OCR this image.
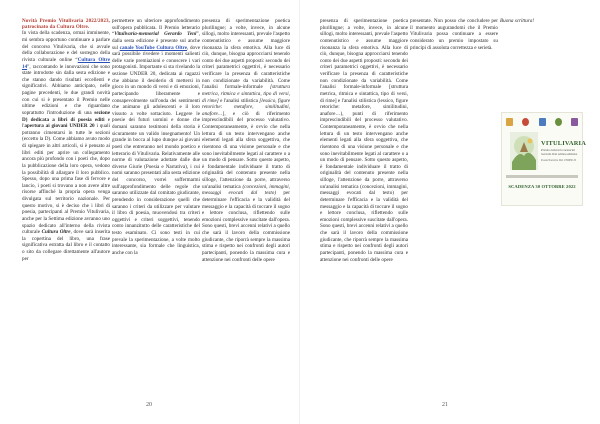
Novità Premio Vitulivaria 2022/2023, patrocinato da Cultura Oltre.

In vista della scadenza, ormai imminente, mi sembra opportuno continuare a parlare del concorso Vitulivaria, che si avvale della collaborazione e del sostegno della rivista culturale online “Cultura Oltre 14”, raccontando le innovazioni che sono state introdotte sin dalla sesta edizione e che stanno dando risultati eccellenti e significativi. Abbiamo anticipato, nelle pagine precedenti, le due grandi novità con cui si è presentato il Premio nelle ultime edizioni e che riguardano soprattutto l'introduzione di una sezione D) dedicata a libri di poesia editi e l'apertura ai giovani UNDER 20 i quali potranno cimentarsi in tutte le sezioni (eccetto la D). Come abbiamo avuto modo di spiegare in altri articoli, si è pensato ai libri editi per aprire un collegamento ancora più profondo con i poeti che, dopo la pubblicazione della loro opera, vedono la possibilità di allargare il loro pubblico. Spesso, dopo una prima fase di fervore e lancio, i poeti si trovano a non avere altre risorse affinché la propria opera venga divulgata sul territorio nazionale. Per questo motivo, si è deciso che i libri di poesia, partecipanti al Premio Vitulivaria, anche per la Settima edizione avranno uno spazio dedicato all'interno della rivista culturale Cultura Oltre, dove sarà inserita la copertina del libro, una frase significativa estratta dal libro e il contatto o sito da collegare direttamente all'autore per

permettere un ulteriore approfondimento sull'opera pubblicata. Il Premio letterario “Vitulivaria-memorial Gerardo Teni”, dalla sesta edizione è presente sul anche sul canale YouTube Cultura Oltre, dove sarà possibile rivedere i momenti salienti delle varie premiazioni e conoscere i vari protagonisti. Importante si sta rivelando la sezione UNDER 20, dedicata ai ragazzi che abbiano il desiderio di mettersi in gioco in un mondo di versi e di emozioni, partecipando liberamente e consapevolmente sull'onda dei sentimenti che animano gli adolescenti e il loro vissuto a volte sottaciuto. Leggere le poesie dei futuri uomini e donne che domani saranno testimoni della storia è sicuramente un valido insegnamento! Un grande in bocca al lupo dunque ai giovani poeti che entreranno nel mondo poetico e letterario di Vitulivaria. Relativamente alle norme di valutazione adottate dalle due diverse Giurie (Poesia e Narrativa), i cui nomi saranno presentati alla sesta edizione del concorso, vorrei soffermarmi sull'approfondimento delle regole che saranno utilizzate dal comitato giudicante, prendendo in considerazione quelli che saranno i criteri da utilizzare per valutare il libro di poesia, muovendosi tra criteri oggettivi e criteri soggettivi, tenendo conto innanzitutto delle caratteristiche del testo esaminato. Ci sono testi in cui prevale la sperimentazione, a volte molto interessante, sia formale che linguistica, anche con la

presenza di sperimentazione poetica plurilingue; a volte, invece, in alcune sillogi, molto interessanti, prevale l'aspetto contenutistico e assume maggiore risonanza la sfera emotiva. Alla luce di ciò, dunque, bisogna approcciarsi tenendo conto dei due aspetti proposti: secondo dei criteri parametrici oggettivi, è necessario verificare la presenza di caratteristiche non condizionate da variabilità. Come l'analisi formale-informale [struttura metrica, ritmica e sintattica, tipo di versi, di rime] e l'analisi stilistica [lessico, figure retoriche: metafore, similitudini, anafore…], e ciò di riferimento imprescindibili del processo valutativo. Contemporaneamente, è ovvio che nella lettura di un testo intervengano anche elementi legati alla sfera soggettiva, che risentono di una visione personale e che sono inevitabilmente legati al carattere o a un modo di pensare. Sotto questo aspetto, è fondamentale individuare il tratto di originalità del contenuto presente nella silloge, l'attenzione da porre, attraverso un'analisi tematica (concezioni, immagini, messaggi evocati dal testo) per determinare l'efficacia e la validità del messaggio e la capacità di toccare il sogno e lettore conclusa, riflettendo sulle emozioni complessive suscitate dall'opera. Sono questi, brevi accenni relativi a quello che sarà il lavoro della commissione giudicante, che riporrà sempre la massima stima e rispetto nei confronti degli autori partecipanti, ponendo la massima cura e attenzione nei confronti delle opere

20

presenza di sperimentazione poetica plurilingue; a volte, invece, in alcune sillogi, molto interessanti, prevale l'aspetto contenutistico e assume maggiore risonanza la sfera emotiva. Alla luce di ciò, dunque, bisogna approcciarsi tenendo conto dei due aspetti proposti: secondo dei criteri parametrici oggettivi, è necessario verificare la presenza di caratteristiche non condizionate da variabilità. Come l'analisi formale-informale [struttura metrica, ritmica e sintattica, tipo di versi, di rime] e l'analisi stilistica (lessico, figure retoriche: metafore, similitudini, anafore…), punti di riferimento imprescindibili del processo valutativo. Contemporaneamente, è ovvio che nella lettura di un testo intervengano anche elementi legati alla sfera soggettiva, che risentono di una visione personale e che sono inevitabilmente legati al carattere o a un modo di pensare. Sotto questo aspetto, è fondamentale individuare il tratto di originalità del contenuto presente nella silloge, l'attenzione da porre, attraverso un'analisi tematica (concezioni, immagini, messaggi evocati dal testo) per determinare l'efficacia e la validità del messaggio e la capacità di toccare il sogno e lettore conclusa, riflettendo sulle emozioni complessive suscitate dall'opera. Sono questi, brevi accenni relativi a quello che sarà il lavoro della commissione giudicante, che riporrà sempre la massima stima e rispetto nei confronti degli autori partecipanti, ponendo la massima cura e attenzione nei confronti delle opere

presentate. Non posso che concludere per il momento augurandomi che il Premio Vitulivaria possa continuare a essere considerato un premio impostato su principi di assoluta correttezza e serietà.

Buona scrittura!

VITULIVARIA
Premio Letterario memorial Gerardo Teni settima edizione
Poesia Narrativa libri UNDER 20
SCADENZA 30 OTTOBRE 2022
21
